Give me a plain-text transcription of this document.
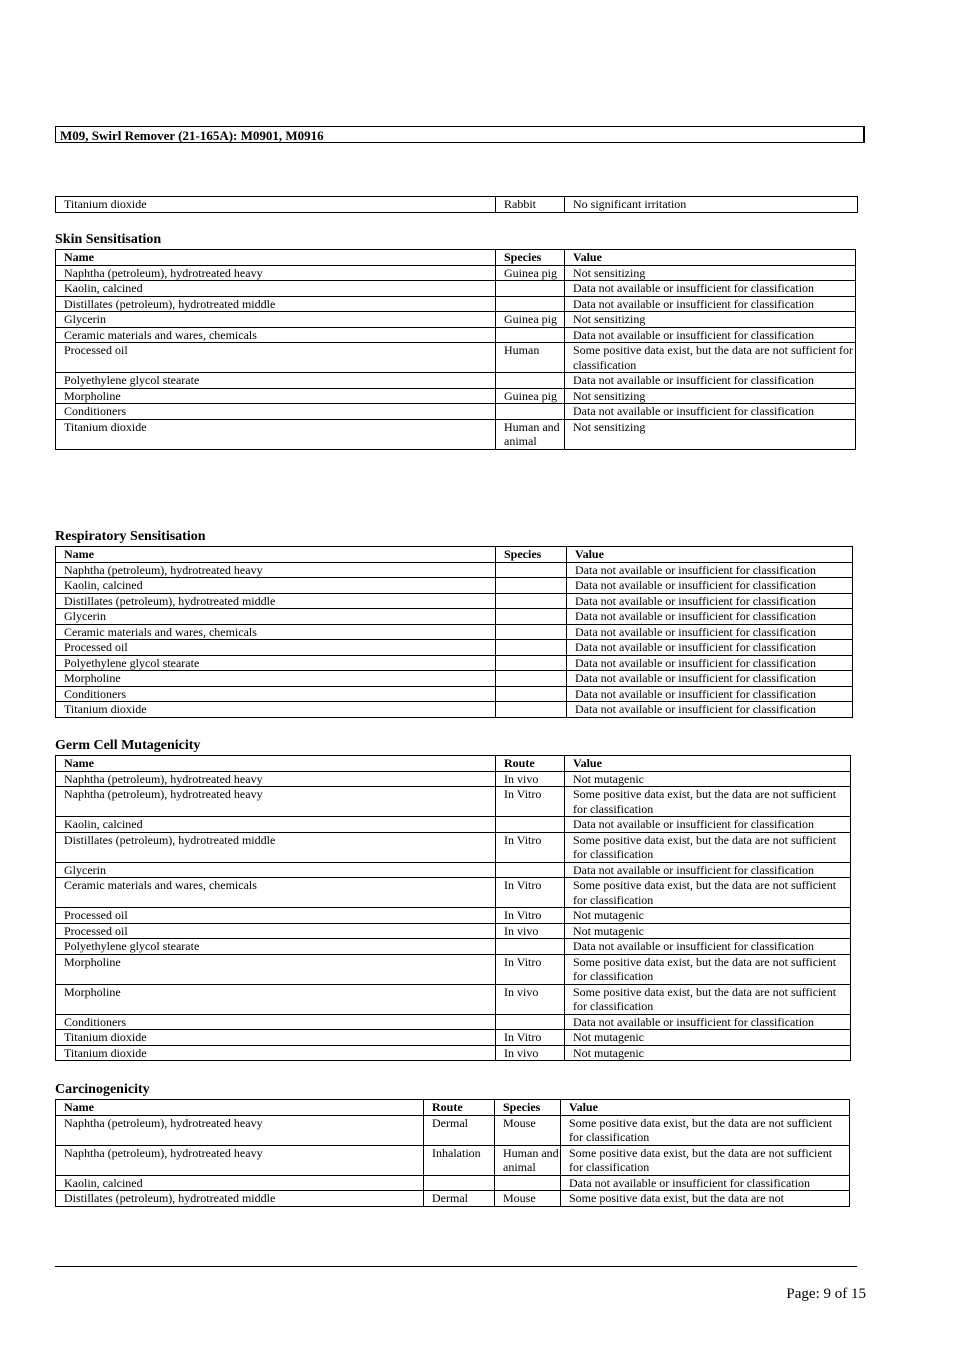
M09, Swirl Remover (21-165A): M0901, M0916
Titanium dioxide	Rabbit	No significant irritation
Skin Sensitisation
Name	Species	Value
Naphtha (petroleum), hydrotreated heavy	Guinea pig	Not sensitizing
Kaolin, calcined		Data not available or insufficient for classification
Distillates (petroleum), hydrotreated middle		Data not available or insufficient for classification
Glycerin	Guinea pig	Not sensitizing
Ceramic materials and wares, chemicals		Data not available or insufficient for classification
Processed oil	Human	Some positive data exist, but the data are not sufficient for classification
Polyethylene glycol stearate		Data not available or insufficient for classification
Morpholine	Guinea pig	Not sensitizing
Conditioners		Data not available or insufficient for classification
Titanium dioxide	Human and animal	Not sensitizing
Respiratory Sensitisation
Name	Species	Value
Naphtha (petroleum), hydrotreated heavy		Data not available or insufficient for classification
Kaolin, calcined		Data not available or insufficient for classification
Distillates (petroleum), hydrotreated middle		Data not available or insufficient for classification
Glycerin		Data not available or insufficient for classification
Ceramic materials and wares, chemicals		Data not available or insufficient for classification
Processed oil		Data not available or insufficient for classification
Polyethylene glycol stearate		Data not available or insufficient for classification
Morpholine		Data not available or insufficient for classification
Conditioners		Data not available or insufficient for classification
Titanium dioxide		Data not available or insufficient for classification
Germ Cell Mutagenicity
Name	Route	Value
Naphtha (petroleum), hydrotreated heavy	In vivo	Not mutagenic
Naphtha (petroleum), hydrotreated heavy	In Vitro	Some positive data exist, but the data are not sufficient for classification
Kaolin, calcined		Data not available or insufficient for classification
Distillates (petroleum), hydrotreated middle	In Vitro	Some positive data exist, but the data are not sufficient for classification
Glycerin		Data not available or insufficient for classification
Ceramic materials and wares, chemicals	In Vitro	Some positive data exist, but the data are not sufficient for classification
Processed oil	In Vitro	Not mutagenic
Processed oil	In vivo	Not mutagenic
Polyethylene glycol stearate		Data not available or insufficient for classification
Morpholine	In Vitro	Some positive data exist, but the data are not sufficient for classification
Morpholine	In vivo	Some positive data exist, but the data are not sufficient for classification
Conditioners		Data not available or insufficient for classification
Titanium dioxide	In Vitro	Not mutagenic
Titanium dioxide	In vivo	Not mutagenic
Carcinogenicity
Name	Route	Species	Value
Naphtha (petroleum), hydrotreated heavy	Dermal	Mouse	Some positive data exist, but the data are not sufficient for classification
Naphtha (petroleum), hydrotreated heavy	Inhalation	Human and animal	Some positive data exist, but the data are not sufficient for classification
Kaolin, calcined			Data not available or insufficient for classification
Distillates (petroleum), hydrotreated middle	Dermal	Mouse	Some positive data exist, but the data are not
Page: 9 of 15
